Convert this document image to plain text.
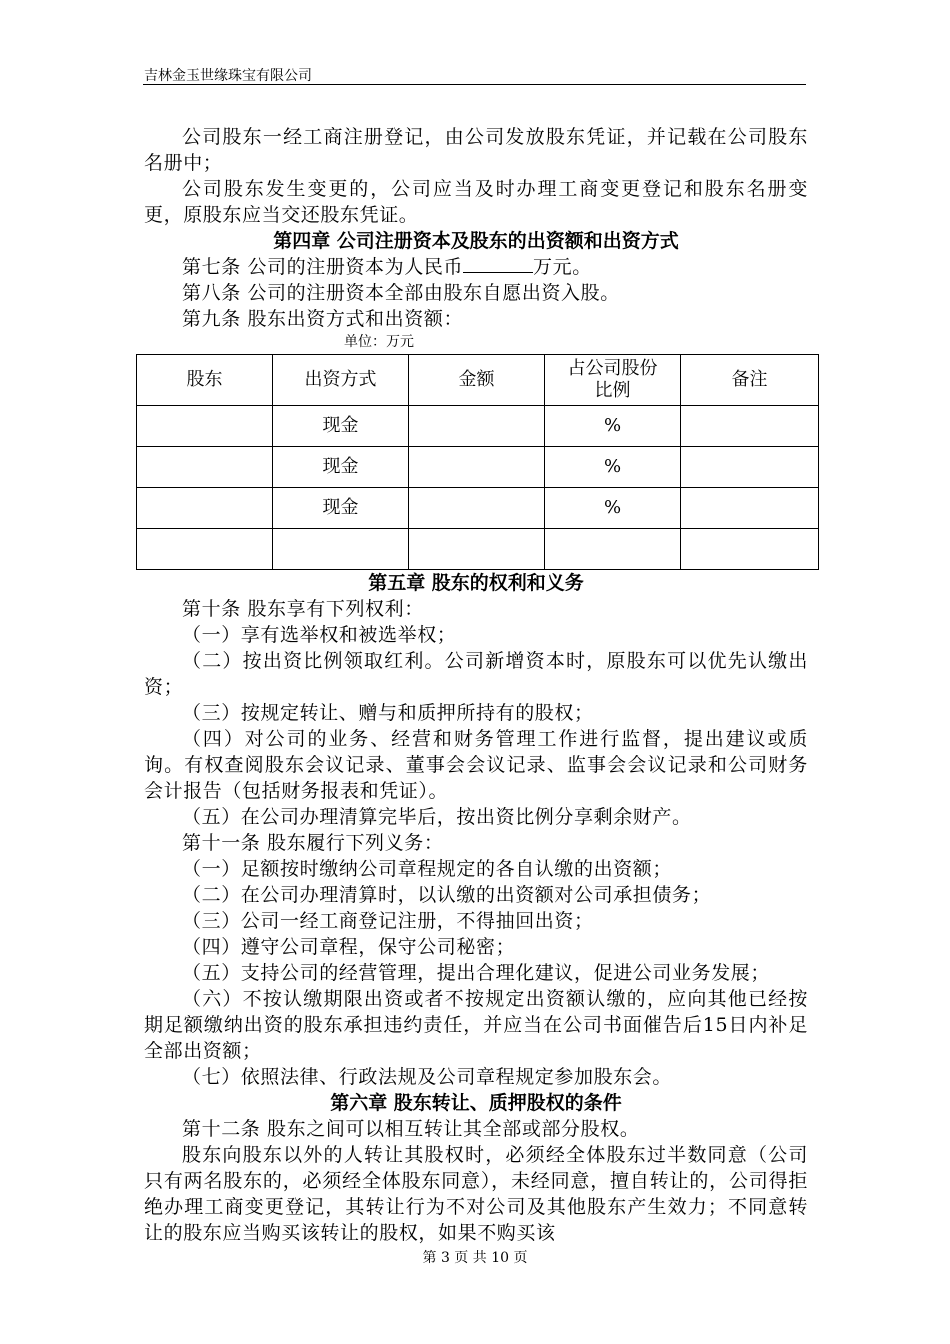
吉林金玉世缘珠宝有限公司

公司股东一经工商注册登记，由公司发放股东凭证，并记载在公司股东名册中；

公司股东发生变更的，公司应当及时办理工商变更登记和股东名册变更，原股东应当交还股东凭证。

第四章 公司注册资本及股东的出资额和出资方式

第七条 公司的注册资本为人民币	万元。

第八条 公司的注册资本全部由股东自愿出资入股。

第九条 股东出资方式和出资额：

单位：万元

股东	出资方式	金额	占公司股份比例	备注
	现金		%	
	现金		%	
	现金		%	

第五章 股东的权利和义务

第十条 股东享有下列权利：

（一）享有选举权和被选举权；

（二）按出资比例领取红利。公司新增资本时，原股东可以优先认缴出资；

（三）按规定转让、赠与和质押所持有的股权；

（四）对公司的业务、经营和财务管理工作进行监督，提出建议或质询。有权查阅股东会议记录、董事会会议记录、监事会会议记录和公司财务会计报告（包括财务报表和凭证）。

（五）在公司办理清算完毕后，按出资比例分享剩余财产。

第十一条 股东履行下列义务：

（一）足额按时缴纳公司章程规定的各自认缴的出资额；

（二）在公司办理清算时，以认缴的出资额对公司承担债务；

（三）公司一经工商登记注册，不得抽回出资；

（四）遵守公司章程，保守公司秘密；

（五）支持公司的经营管理，提出合理化建议，促进公司业务发展；

（六）不按认缴期限出资或者不按规定出资额认缴的，应向其他已经按期足额缴纳出资的股东承担违约责任，并应当在公司书面催告后15日内补足全部出资额；

（七）依照法律、行政法规及公司章程规定参加股东会。

第六章 股东转让、质押股权的条件

第十二条 股东之间可以相互转让其全部或部分股权。

股东向股东以外的人转让其股权时，必须经全体股东过半数同意（公司只有两名股东的，必须经全体股东同意），未经同意，擅自转让的，公司得拒绝办理工商变更登记，其转让行为不对公司及其他股东产生效力；不同意转让的股东应当购买该转让的股权，如果不购买该

第 3 页 共 10 页
